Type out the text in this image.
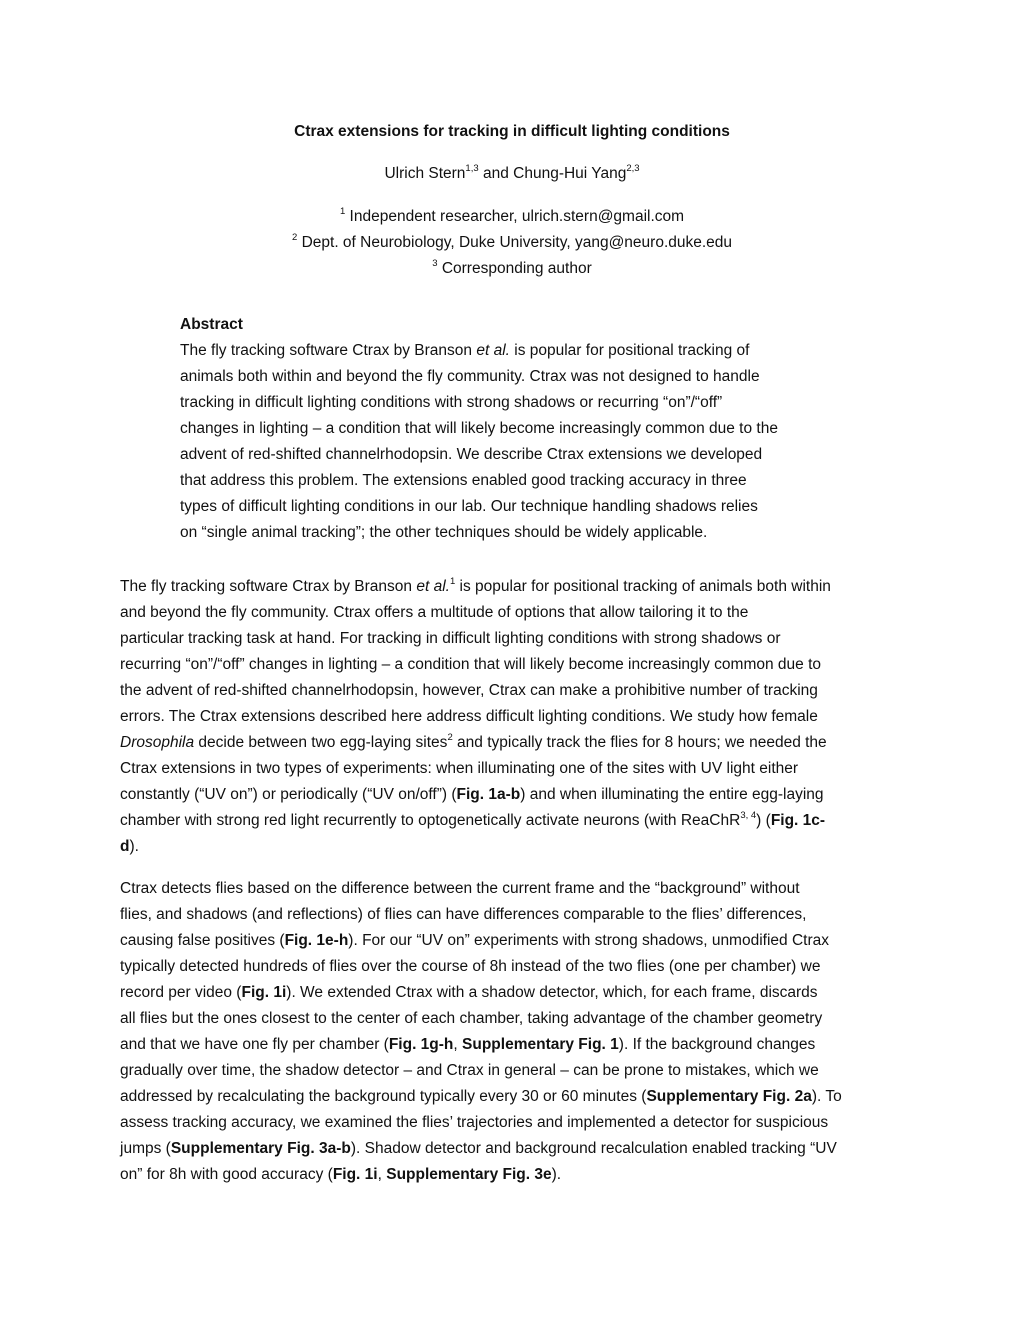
Ctrax extensions for tracking in difficult lighting conditions
Ulrich Stern$^{1,3}$ and Chung-Hui Yang$^{2,3}$
$^1$ Independent researcher, ulrich.stern@gmail.com
$^2$ Dept. of Neurobiology, Duke University, yang@neuro.duke.edu
$^3$ Corresponding author
Abstract
The fly tracking software Ctrax by Branson et al. is popular for positional tracking of
animals both within and beyond the fly community. Ctrax was not designed to handle
tracking in difficult lighting conditions with strong shadows or recurring “on”/“off”
changes in lighting – a condition that will likely become increasingly common due to the
advent of red-shifted channelrhodopsin. We describe Ctrax extensions we developed
that address this problem. The extensions enabled good tracking accuracy in three
types of difficult lighting conditions in our lab. Our technique handling shadows relies
on “single animal tracking”; the other techniques should be widely applicable.
The fly tracking software Ctrax by Branson et al.$^1$ is popular for positional tracking of animals both within
and beyond the fly community. Ctrax offers a multitude of options that allow tailoring it to the
particular tracking task at hand. For tracking in difficult lighting conditions with strong shadows or
recurring “on”/“off” changes in lighting – a condition that will likely become increasingly common due to
the advent of red-shifted channelrhodopsin, however, Ctrax can make a prohibitive number of tracking
errors. The Ctrax extensions described here address difficult lighting conditions. We study how female
Drosophila decide between two egg-laying sites$^2$ and typically track the flies for 8 hours; we needed the
Ctrax extensions in two types of experiments: when illuminating one of the sites with UV light either
constantly (“UV on”) or periodically (“UV on/off”) (Fig. 1a-b) and when illuminating the entire egg-laying
chamber with strong red light recurrently to optogenetically activate neurons (with ReaChR$^{3, 4}$) (Fig. 1c-
d).
Ctrax detects flies based on the difference between the current frame and the “background” without
flies, and shadows (and reflections) of flies can have differences comparable to the flies’ differences,
causing false positives (Fig. 1e-h). For our “UV on” experiments with strong shadows, unmodified Ctrax
typically detected hundreds of flies over the course of 8h instead of the two flies (one per chamber) we
record per video (Fig. 1i). We extended Ctrax with a shadow detector, which, for each frame, discards
all flies but the ones closest to the center of each chamber, taking advantage of the chamber geometry
and that we have one fly per chamber (Fig. 1g-h, Supplementary Fig. 1). If the background changes
gradually over time, the shadow detector – and Ctrax in general – can be prone to mistakes, which we
addressed by recalculating the background typically every 30 or 60 minutes (Supplementary Fig. 2a). To
assess tracking accuracy, we examined the flies’ trajectories and implemented a detector for suspicious
jumps (Supplementary Fig. 3a-b). Shadow detector and background recalculation enabled tracking “UV
on” for 8h with good accuracy (Fig. 1i, Supplementary Fig. 3e).
